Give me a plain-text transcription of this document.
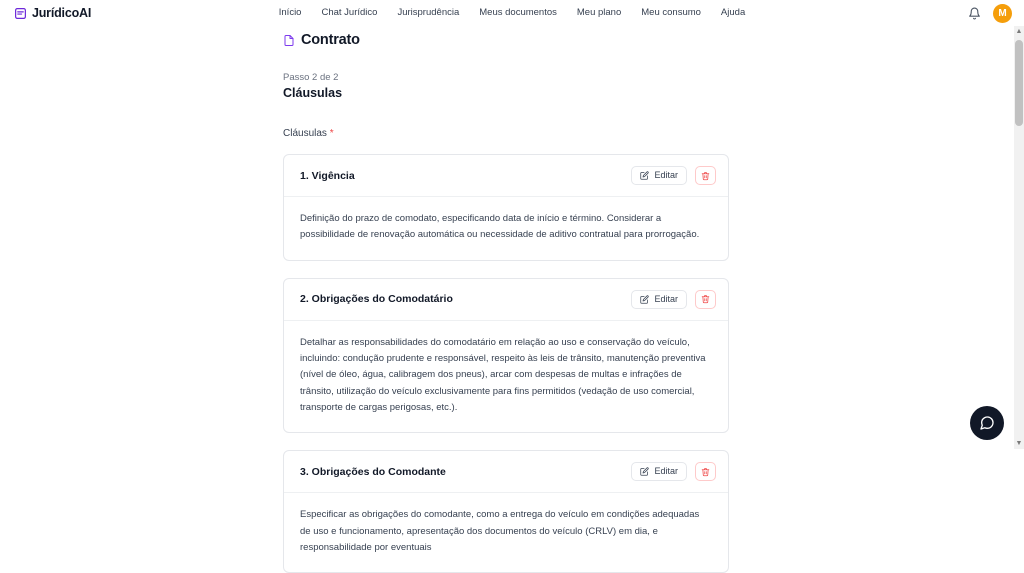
JurídicoAI	Início Chat Jurídico Jurisprudência Meus documentos Meu plano Meu consumo Ajuda	M
Contrato
Passo 2 de 2
Cláusulas
Cláusulas *
1. Vigência	Editar
Definição do prazo de comodato, especificando data de início e término. Considerar a possibilidade de renovação automática ou necessidade de aditivo contratual para prorrogação.
2. Obrigações do Comodatário	Editar
Detalhar as responsabilidades do comodatário em relação ao uso e conservação do veículo, incluindo: condução prudente e responsável, respeito às leis de trânsito, manutenção preventiva (nível de óleo, água, calibragem dos pneus), arcar com despesas de multas e infrações de trânsito, utilização do veículo exclusivamente para fins permitidos (vedação de uso comercial, transporte de cargas perigosas, etc.).
3. Obrigações do Comodante	Editar
Especificar as obrigações do comodante, como a entrega do veículo em condições adequadas de uso e funcionamento, apresentação dos documentos do veículo (CRLV) em dia, e responsabilidade por eventuais
▲
▼
